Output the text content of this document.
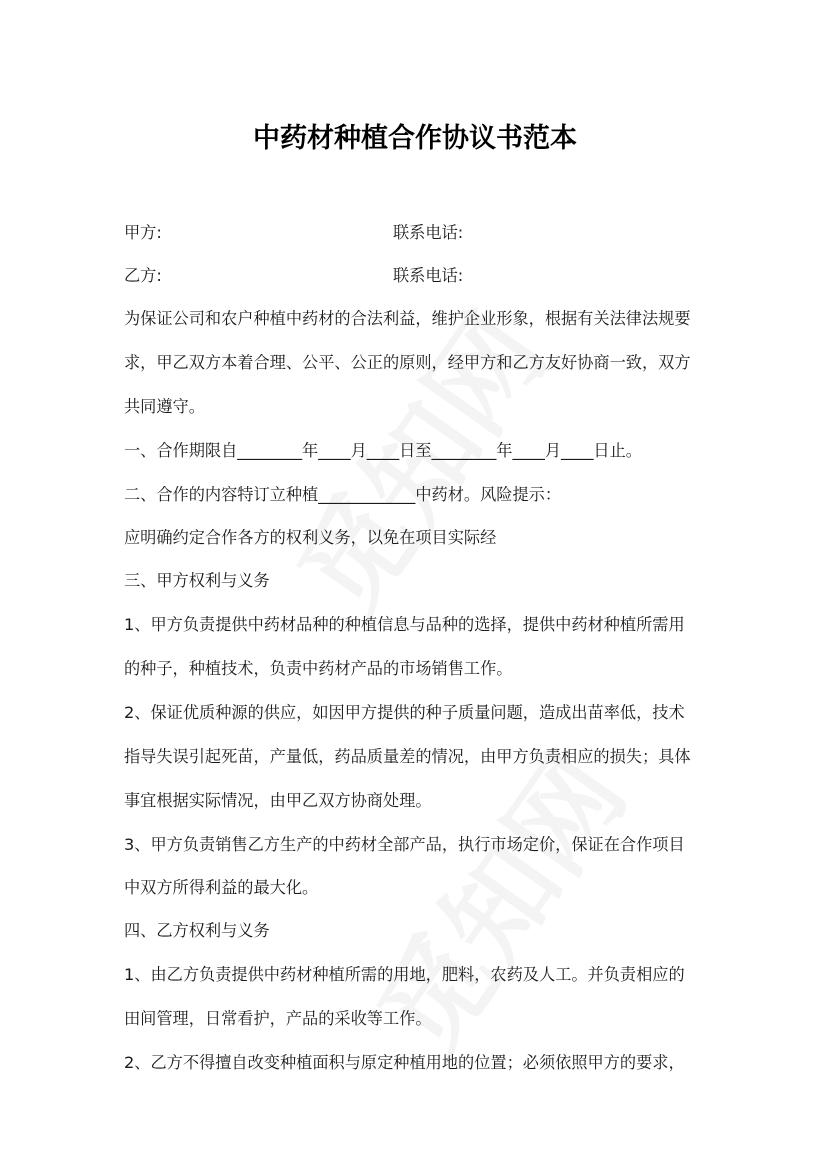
中药材种植合作协议书范本
甲方:	联系电话:
乙方:	联系电话:
为保证公司和农户种植中药材的合法利益，维护企业形象，根据有关法律法规要
求，甲乙双方本着合理、公平、公正的原则，经甲方和乙方友好协商一致，双方
共同遵守。
一、合作期限自________年____月____日至________年____月____日止。
二、合作的内容特订立种植____________中药材。风险提示：
应明确约定合作各方的权利义务，以免在项目实际经
三、甲方权利与义务
1、甲方负责提供中药材品种的种植信息与品种的选择，提供中药材种植所需用
的种子，种植技术，负责中药材产品的市场销售工作。
2、保证优质种源的供应，如因甲方提供的种子质量问题，造成出苗率低，技术
指导失误引起死苗，产量低，药品质量差的情况，由甲方负责相应的损失；具体
事宜根据实际情况，由甲乙双方协商处理。
3、甲方负责销售乙方生产的中药材全部产品，执行市场定价，保证在合作项目
中双方所得利益的最大化。
四、乙方权利与义务
1、由乙方负责提供中药材种植所需的用地，肥料，农药及人工。并负责相应的
田间管理，日常看护，产品的采收等工作。
2、乙方不得擅自改变种植面积与原定种植用地的位置；必须依照甲方的要求，
